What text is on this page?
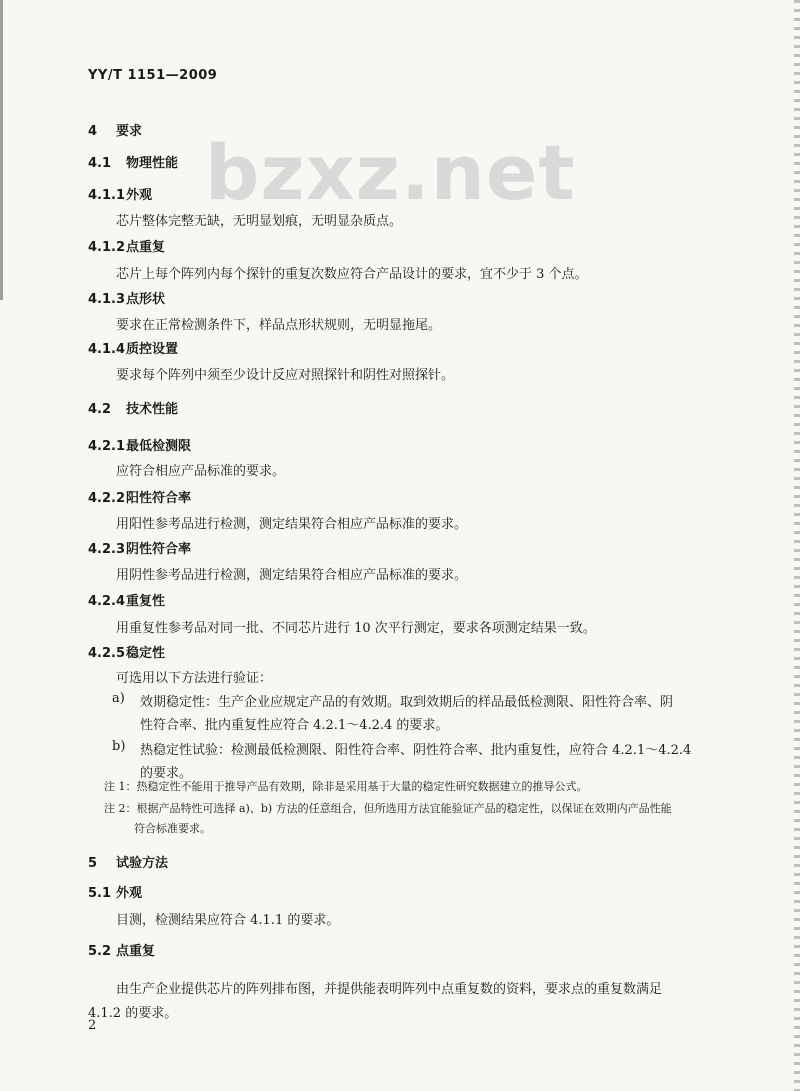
YY/T 1151—2009
bzxz.net
4 要求
4.1 物理性能
4.1.1外观
芯片整体完整无缺，无明显划痕，无明显杂质点。
4.1.2点重复
芯片上每个阵列内每个探针的重复次数应符合产品设计的要求，宜不少于 3 个点。
4.1.3点形状
要求在正常检测条件下，样品点形状规则，无明显拖尾。
4.1.4质控设置
要求每个阵列中须至少设计反应对照探针和阴性对照探针。
4.2 技术性能
4.2.1最低检测限
应符合相应产品标准的要求。
4.2.2阳性符合率
用阳性参考品进行检测，测定结果符合相应产品标准的要求。
4.2.3阴性符合率
用阴性参考品进行检测，测定结果符合相应产品标准的要求。
4.2.4重复性
用重复性参考品对同一批、不同芯片进行 10 次平行测定，要求各项测定结果一致。
4.2.5稳定性
可选用以下方法进行验证：
a) 效期稳定性：生产企业应规定产品的有效期。取到效期后的样品最低检测限、阳性符合率、阴
性符合率、批内重复性应符合 4.2.1～4.2.4 的要求。
b) 热稳定性试验：检测最低检测限、阳性符合率、阴性符合率、批内重复性，应符合 4.2.1～4.2.4
的要求。
注 1：热稳定性不能用于推导产品有效期，除非是采用基于大量的稳定性研究数据建立的推导公式。
注 2：根据产品特性可选择 a)、b) 方法的任意组合，但所选用方法宜能验证产品的稳定性，以保证在效期内产品性能
符合标准要求。
5 试验方法
5.1 外观
目测，检测结果应符合 4.1.1 的要求。
5.2 点重复
由生产企业提供芯片的阵列排布图，并提供能表明阵列中点重复数的资料，要求点的重复数满足
4.1.2 的要求。
2
